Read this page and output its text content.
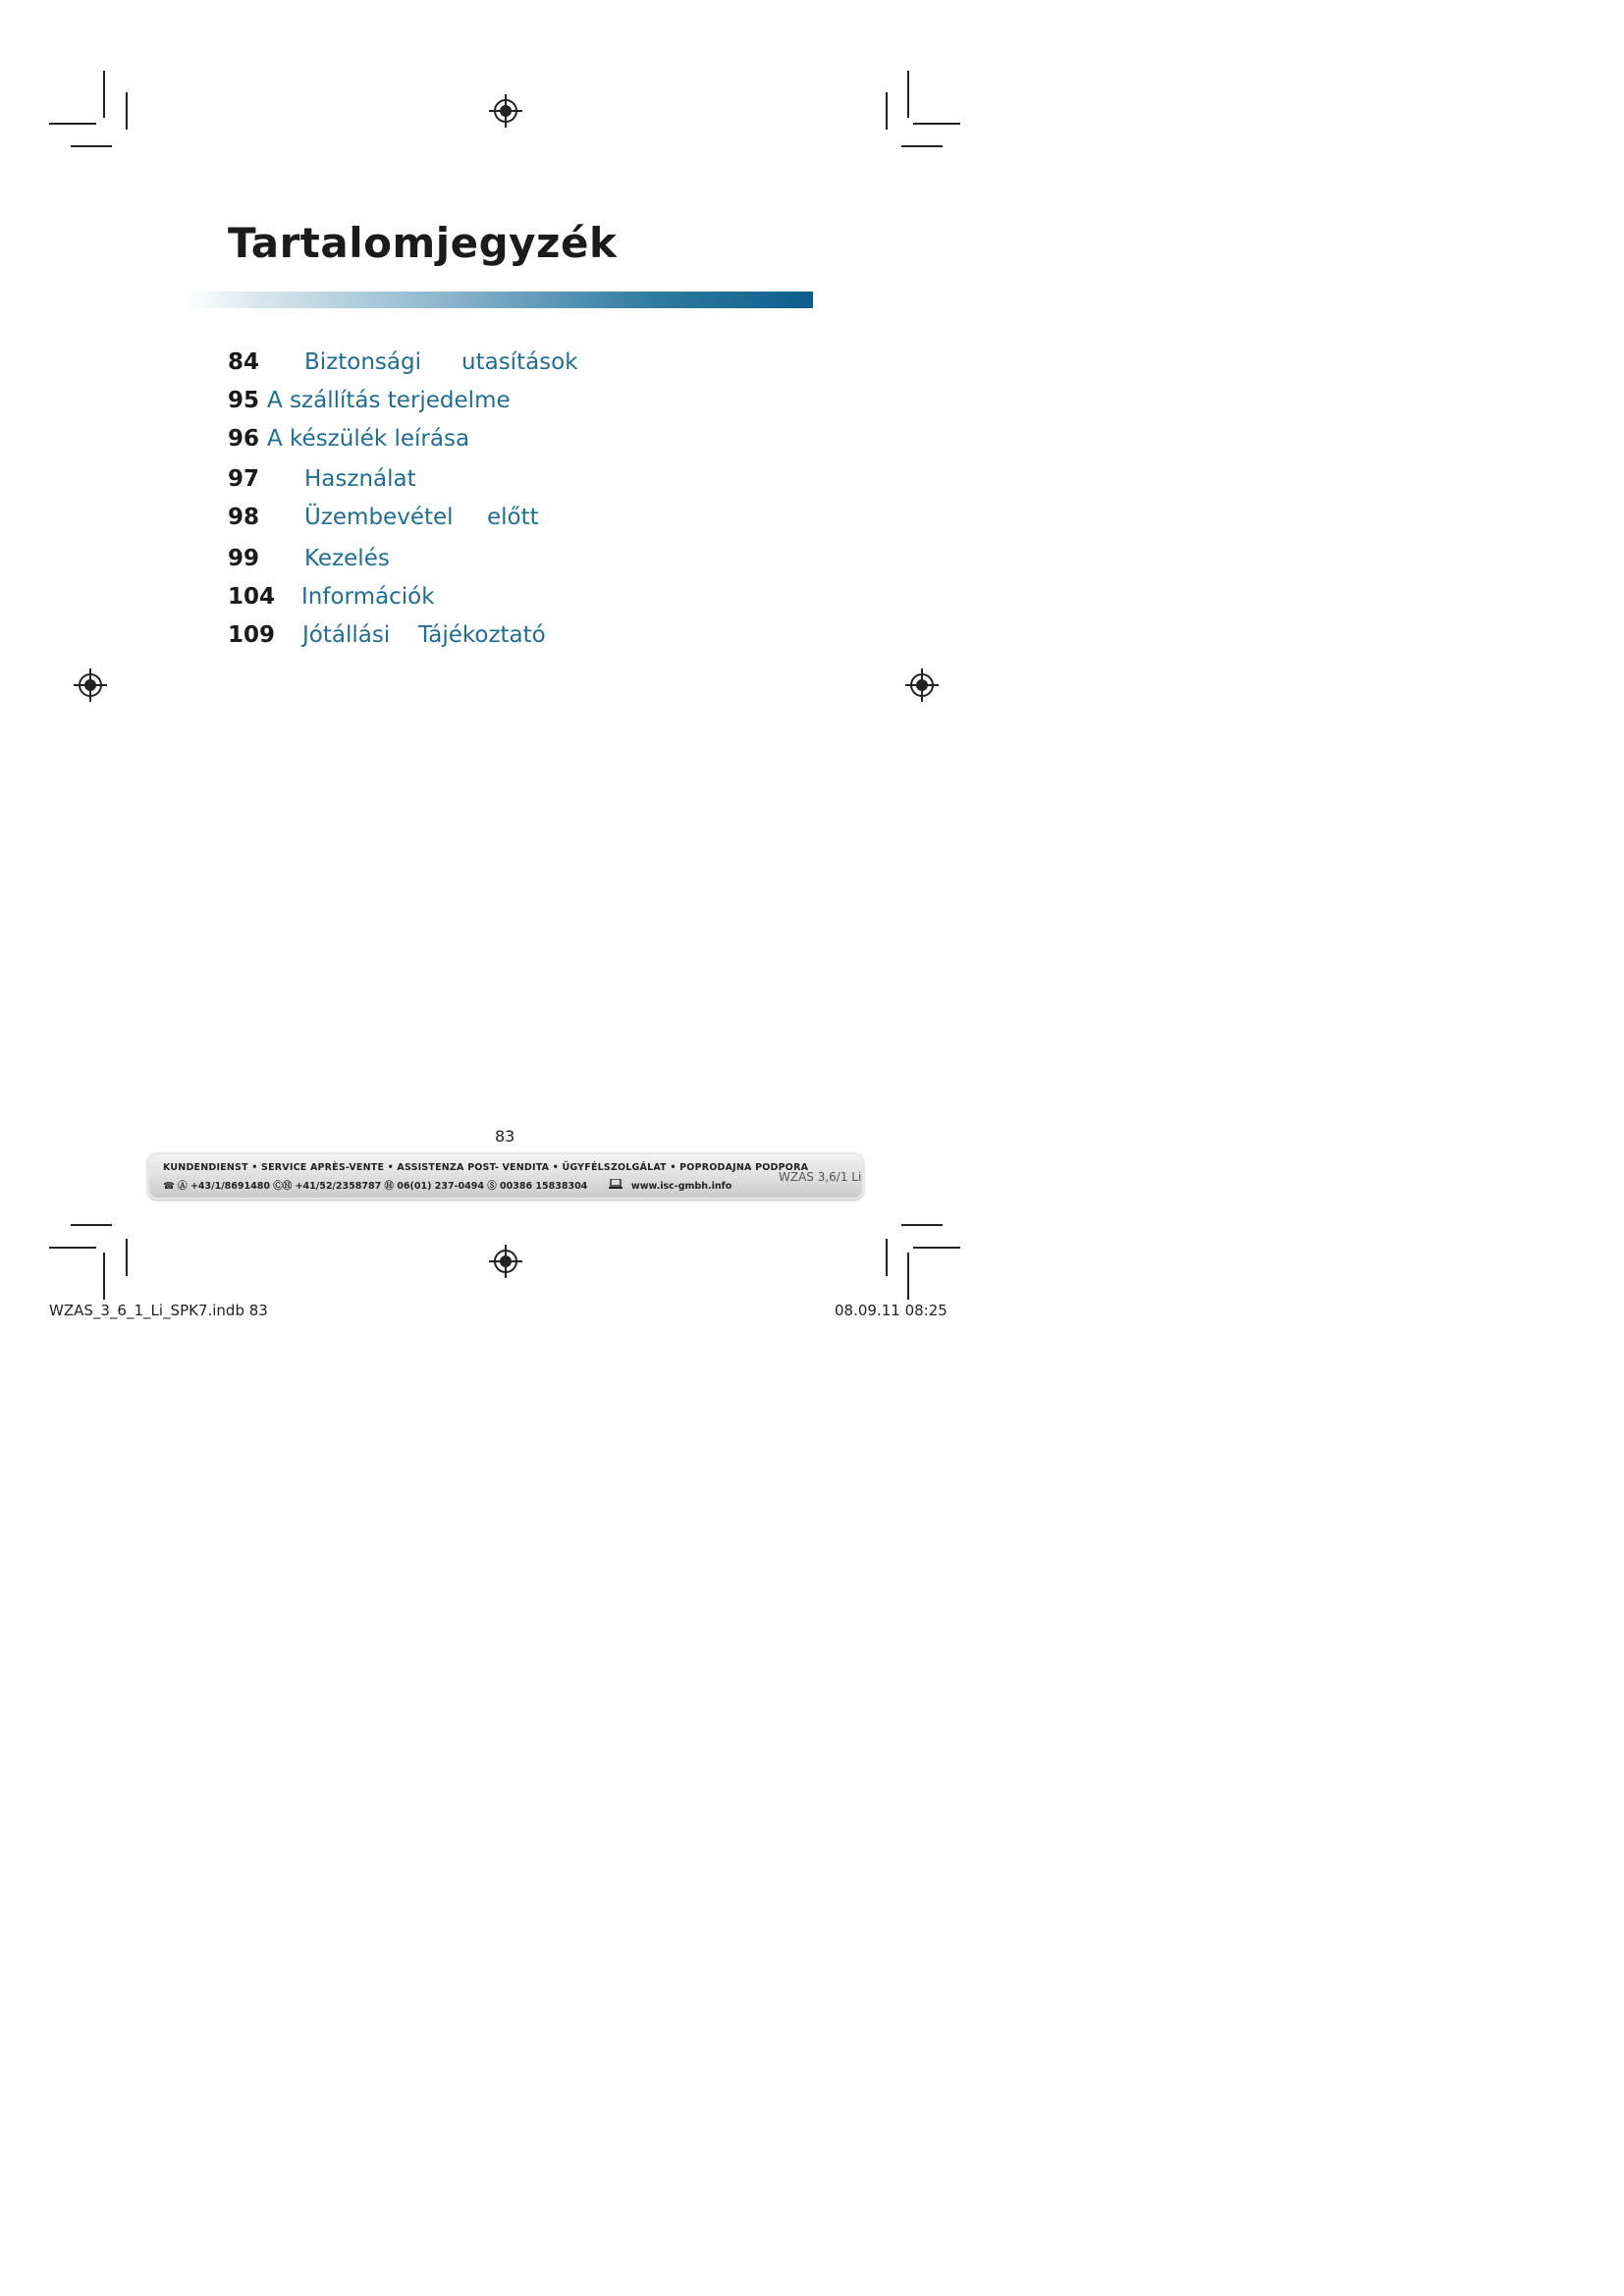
Tartalomjegyzék
84 Biztonsági utasítások
95 A szállítás terjedelme
96 A készülék leírása
97 Használat
98 Üzembevétel előtt
99 Kezelés
104 Információk
109 Jótállási Tájékoztató
83
KUNDENDIENST • SERVICE APRÈS-VENTE • ASSISTENZA POST- VENDITA • ÜGYFÉLSZOLGÁLAT • POPRODAJNA PODPORA
☎ Ⓐ +43/1/8691480 ⒸⒽ +41/52/2358787 Ⓗ 06(01) 237-0494 Ⓢ 00386 15838304	www.isc-gmbh.info
WZAS 3,6/1 Li
WZAS_3_6_1_Li_SPK7.indb 83	08.09.11 08:25
